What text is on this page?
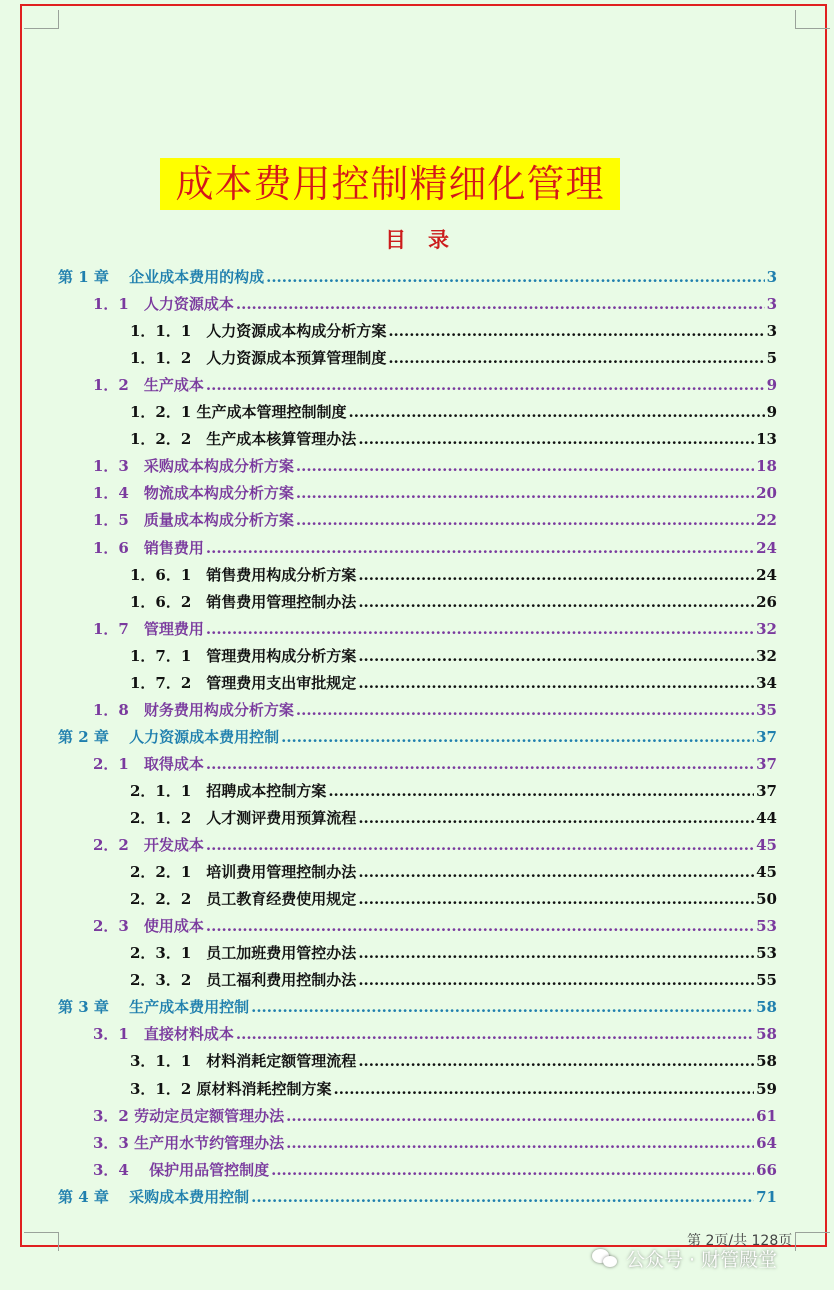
成本费用控制精细化管理
目录
第 1 章　 企业成本费用的构成 .....	3
1．1　人力资源成本 .....	3
1．1．1　人力资源成本构成分析方案 .....	3
1．1．2　人力资源成本预算管理制度 .....	5
1．2　生产成本 .....	9
1．2．1 生产成本管理控制制度 .....	9
1．2．2　生产成本核算管理办法 .....	13
1．3　采购成本构成分析方案 .....	18
1．4　物流成本构成分析方案 .....	20
1．5　质量成本构成分析方案 .....	22
1．6　销售费用 .....	24
1．6．1　销售费用构成分析方案 .....	24
1．6．2　销售费用管理控制办法 .....	26
1．7　管理费用 .....	32
1．7．1　管理费用构成分析方案 .....	32
1．7．2　管理费用支出审批规定 .....	34
1．8　财务费用构成分析方案 .....	35
第 2 章　 人力资源成本费用控制 .....	37
2．1　取得成本 .....	37
2．1．1　招聘成本控制方案 .....	37
2．1．2　人才测评费用预算流程 .....	44
2．2　开发成本 .....	45
2．2．1　培训费用管理控制办法 .....	45
2．2．2　员工教育经费使用规定 .....	50
2．3　使用成本 .....	53
2．3．1　员工加班费用管控办法 .....	53
2．3．2　员工福利费用控制办法 .....	55
第 3 章　 生产成本费用控制 .....	58
3．1　直接材料成本 .....	58
3．1．1　材料消耗定额管理流程 .....	58
3．1．2 原材料消耗控制方案 .....	59
3．2 劳动定员定额管理办法 .....	61
3．3 生产用水节约管理办法 .....	64
3．4　 保护用品管控制度 .....	66
第 4 章　 采购成本费用控制 .....	71
第 2页/共 128页
公众号 · 财管殿堂
